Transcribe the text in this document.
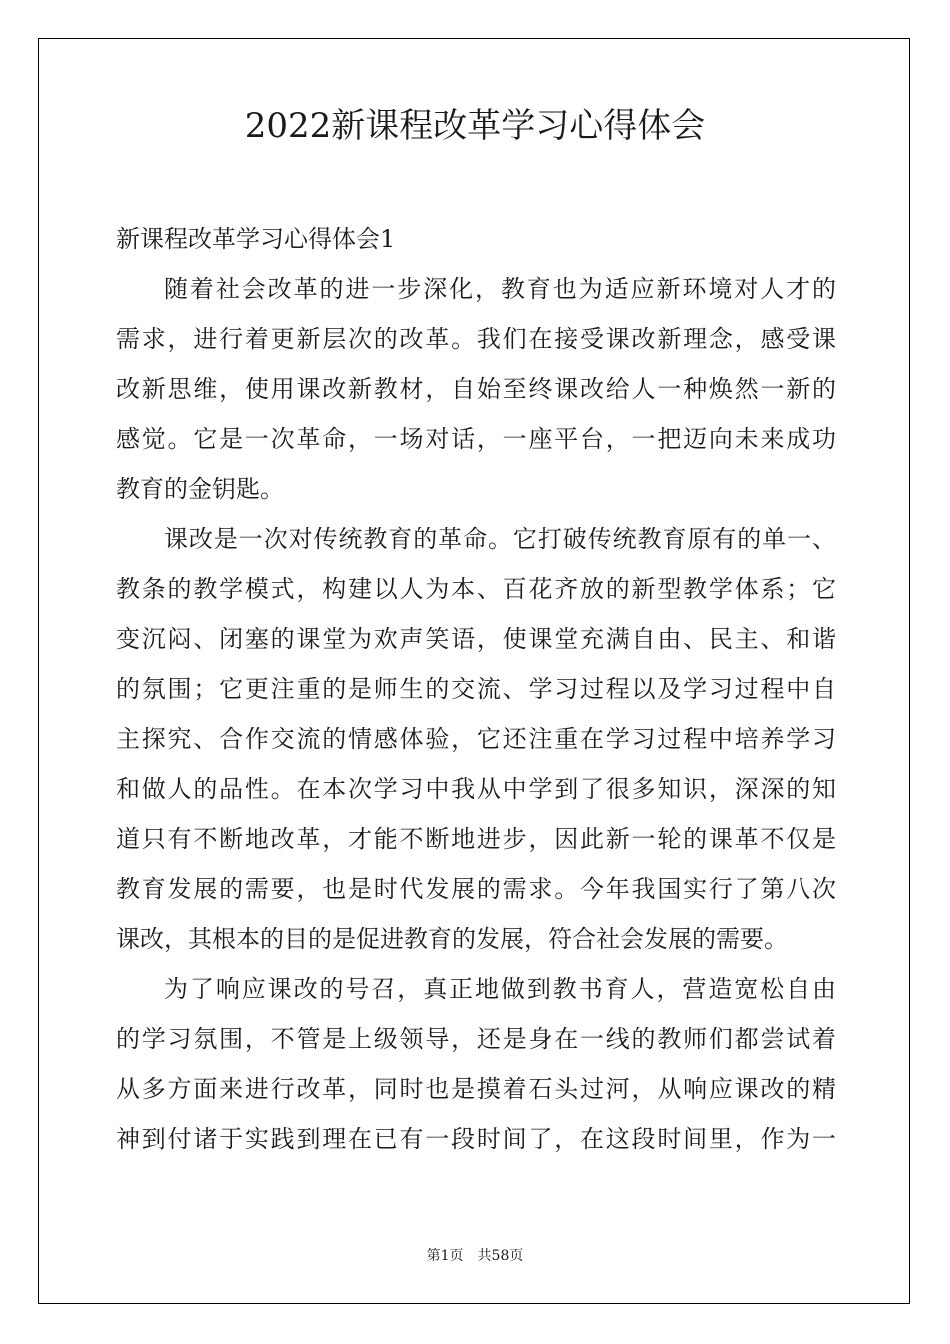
2022新课程改革学习心得体会

新课程改革学习心得体会1

随着社会改革的进一步深化，教育也为适应新环境对人才的
需求，进行着更新层次的改革。我们在接受课改新理念，感受课
改新思维，使用课改新教材，自始至终课改给人一种焕然一新的
感觉。它是一次革命，一场对话，一座平台，一把迈向未来成功
教育的金钥匙。
课改是一次对传统教育的革命。它打破传统教育原有的单一、
教条的教学模式，构建以人为本、百花齐放的新型教学体系；它
变沉闷、闭塞的课堂为欢声笑语，使课堂充满自由、民主、和谐
的氛围；它更注重的是师生的交流、学习过程以及学习过程中自
主探究、合作交流的情感体验，它还注重在学习过程中培养学习
和做人的品性。在本次学习中我从中学到了很多知识，深深的知
道只有不断地改革，才能不断地进步，因此新一轮的课革不仅是
教育发展的需要，也是时代发展的需求。今年我国实行了第八次
课改，其根本的目的是促进教育的发展，符合社会发展的需要。
为了响应课改的号召，真正地做到教书育人，营造宽松自由
的学习氛围，不管是上级领导，还是身在一线的教师们都尝试着
从多方面来进行改革，同时也是摸着石头过河，从响应课改的精
神到付诸于实践到理在已有一段时间了，在这段时间里，作为一
第1页 共58页
